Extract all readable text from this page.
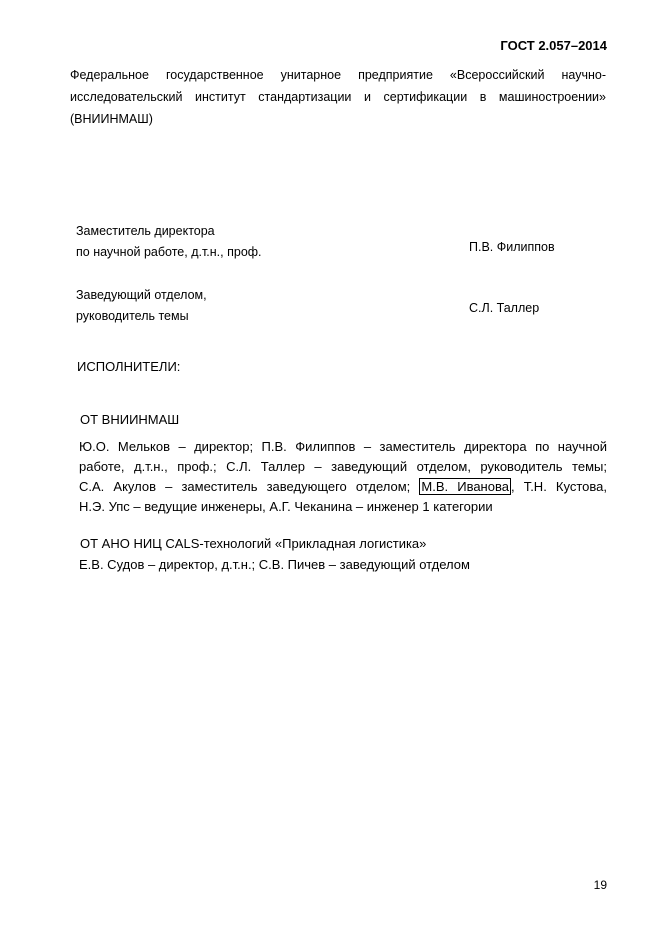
ГОСТ 2.057–2014
Федеральное государственное унитарное предприятие «Всероссийский научно-
исследовательский институт стандартизации и сертификации в машиностроении»
(ВНИИНМАШ)
Заместитель директора
по научной работе, д.т.н., проф.	П.В. Филиппов
Заведующий отделом,
руководитель темы
С.Л. Таллер
ИСПОЛНИТЕЛИ:
ОТ ВНИИНМАШ
Ю.О. Мельков – директор; П.В. Филиппов – заместитель директора по научной
работе, д.т.н., проф.; С.Л. Таллер – заведующий отделом, руководитель темы;
С.А. Акулов – заместитель заведующего отделом; М.В. Иванова , Т.Н. Кустова,
Н.Э. Упс – ведущие инженеры, А.Г. Чеканина – инженер 1 категории
ОТ АНО НИЦ CALS-технологий «Прикладная логистика»
Е.В. Судов – директор, д.т.н.; С.В. Пичев – заведующий отделом
19
